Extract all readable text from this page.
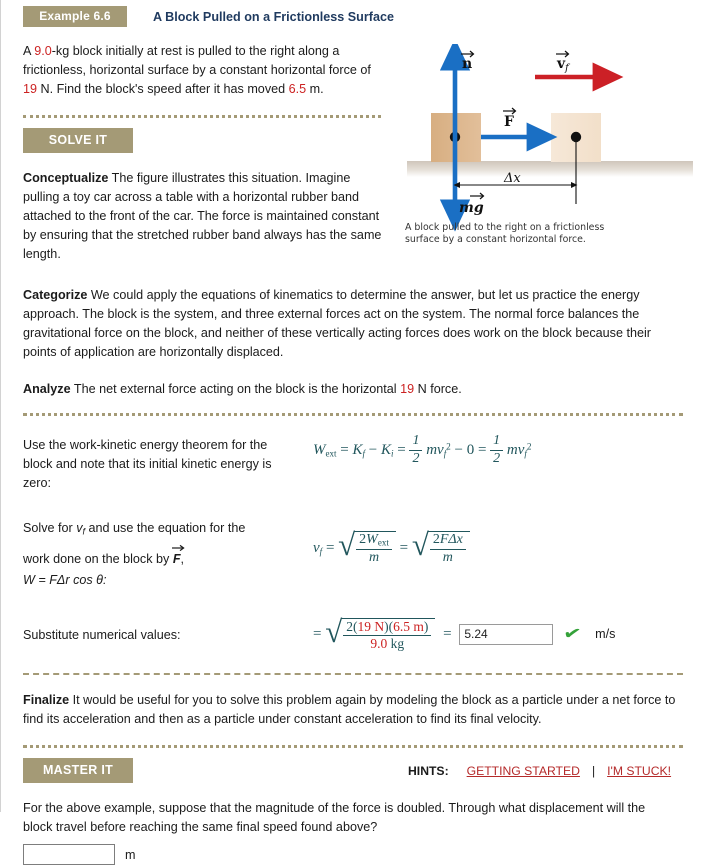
Example 6.6	A Block Pulled on a Frictionless Surface
A 9.0-kg block initially at rest is pulled to the right along a frictionless, horizontal surface by a constant horizontal force of 19 N. Find the block's speed after it has moved 6.5 m.
n
mg
F
v f
Δx
A block pulled to the right on a frictionless surface by a constant horizontal force.
SOLVE IT
Conceptualize The figure illustrates this situation. Imagine pulling a toy car across a table with a horizontal rubber band attached to the front of the car. The force is maintained constant by ensuring that the stretched rubber band always has the same length.
Categorize We could apply the equations of kinematics to determine the answer, but let us practice the energy approach. The block is the system, and three external forces act on the system. The normal force balances the gravitational force on the block, and neither of these vertically acting forces does work on the block because their points of application are horizontally displaced.
Analyze The net external force acting on the block is the horizontal 19 N force.
Use the work-kinetic energy theorem for the block and note that its initial kinetic energy is zero:
$W_{ext} = Kf - Ki = \frac{1}{2} mvf^2 - 0 = \frac{1}{2} mvf^2$
Solve for $v_f$ and use the equation for the
work done on the block by F
,
W = FΔr cos θ:
vf = √ $\frac{2W_{ext}}{m}$ = √ $\frac{\text{2FΔx}}{m}$
Substitute numerical values:	= √ $\frac{2(19 N)(6.5 m)}{9.0 kg} = 5.24$	✔ m/s
Finalize It would be useful for you to solve this problem again by modeling the block as a particle under a net force to find its acceleration and then as a particle under constant acceleration to find its final velocity.
MASTER IT	HINTS: GETTING STARTED | I'M STUCK!
For the above example, suppose that the magnitude of the force is doubled. Through what displacement will the block travel before reaching the same final speed found above?
m
